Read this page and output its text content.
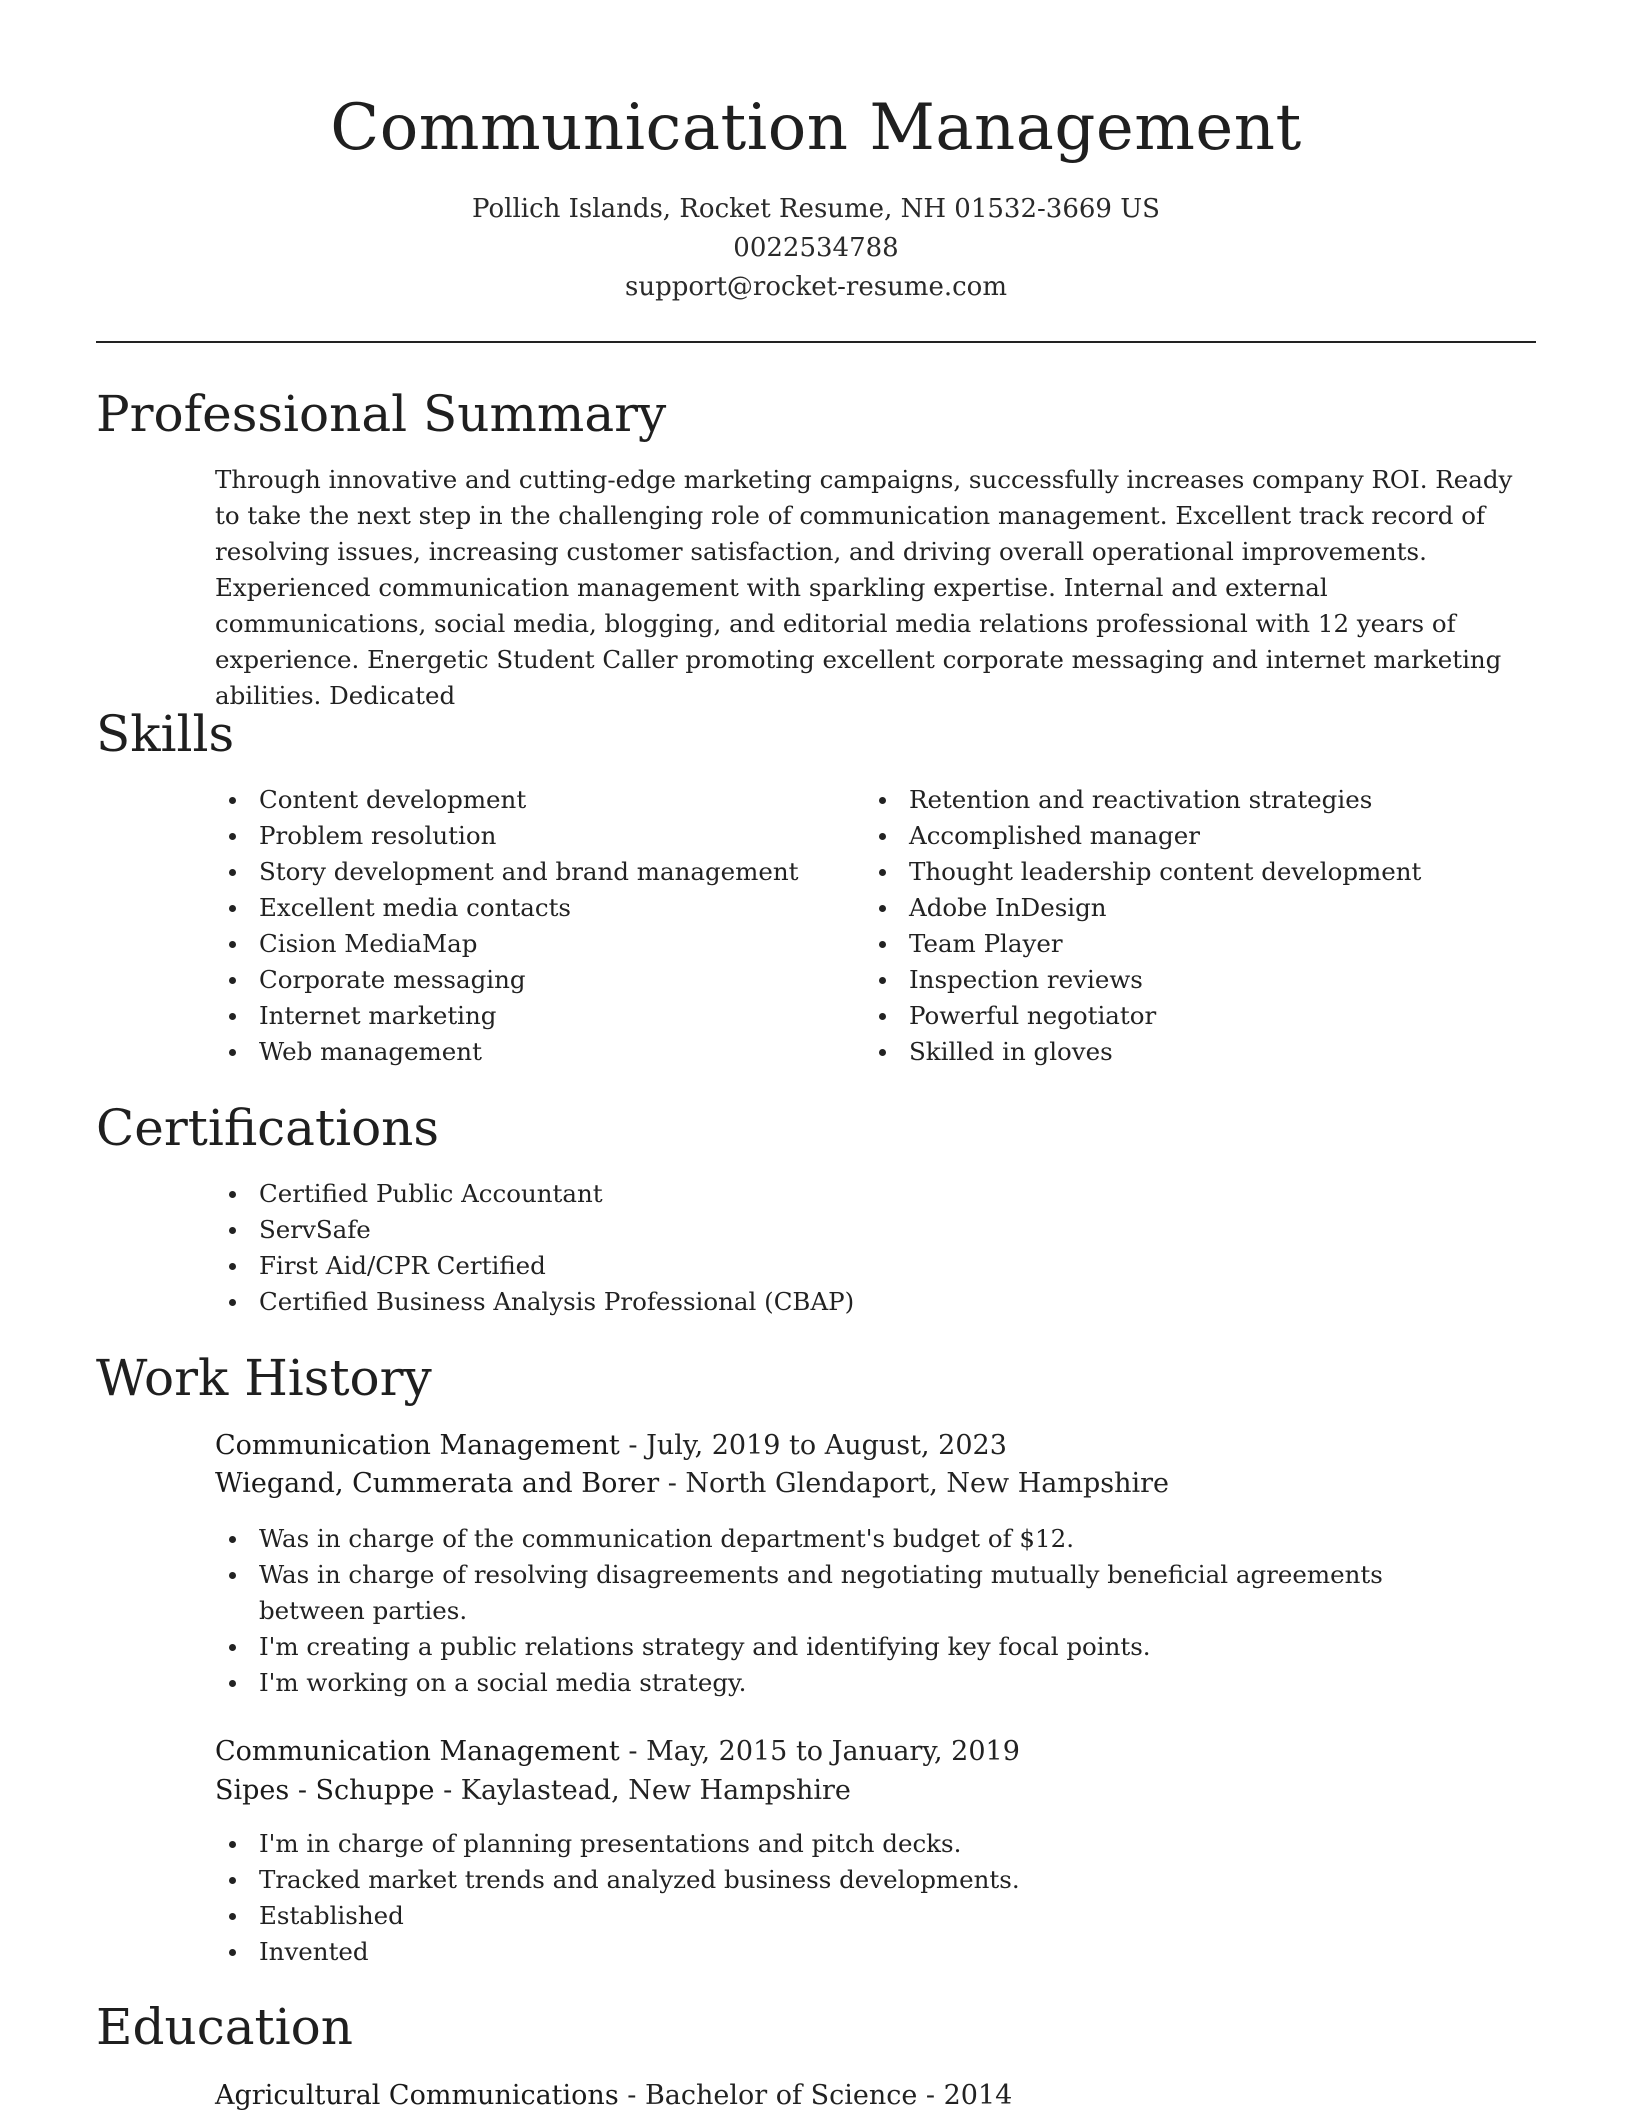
Communication Management
Pollich Islands, Rocket Resume, NH 01532-3669 US
0022534788
support@rocket-resume.com
Professional Summary

Through innovative and cutting-edge marketing campaigns, successfully increases company ROI. Ready to take the next step in the challenging role of communication management. Excellent track record of resolving issues, increasing customer satisfaction, and driving overall operational improvements. Experienced communication management with sparkling expertise. Internal and external communications, social media, blogging, and editorial media relations professional with 12 years of experience. Energetic Student Caller promoting excellent corporate messaging and internet marketing abilities. Dedicated

Skills
Content development
Problem resolution
Story development and brand management
Excellent media contacts
Cision MediaMap
Corporate messaging
Internet marketing
Web management
Retention and reactivation strategies
Accomplished manager
Thought leadership content development
Adobe InDesign
Team Player
Inspection reviews
Powerful negotiator
Skilled in gloves
Certifications
Certified Public Accountant
ServSafe
First Aid/CPR Certified
Certified Business Analysis Professional (CBAP)
Work History
Communication Management - July, 2019 to August, 2023
Wiegand, Cummerata and Borer - North Glendaport, New Hampshire
Was in charge of the communication department's budget of $12.
Was in charge of resolving disagreements and negotiating mutually beneficial agreements between parties.
I'm creating a public relations strategy and identifying key focal points.
I'm working on a social media strategy.
Communication Management - May, 2015 to January, 2019
Sipes - Schuppe - Kaylastead, New Hampshire
I'm in charge of planning presentations and pitch decks.
Tracked market trends and analyzed business developments.
Established
Invented
Education
Agricultural Communications - Bachelor of Science - 2014
